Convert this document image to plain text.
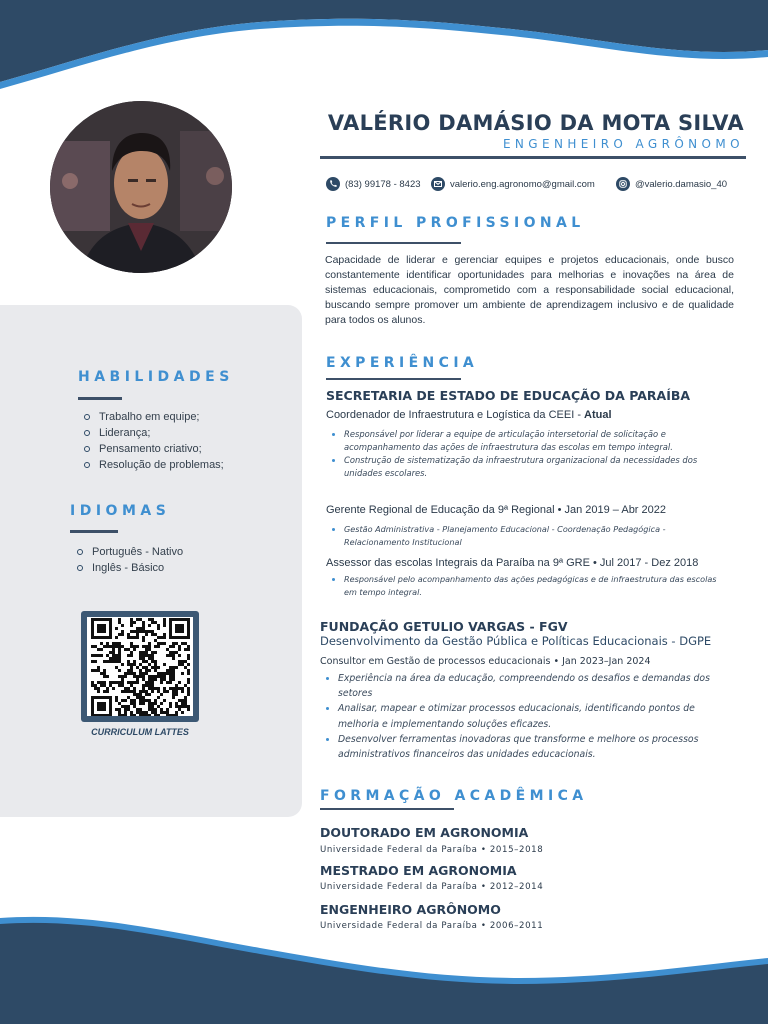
HABILIDADES
Trabalho em equipe;
Liderança;
Pensamento criativo;
Resolução de problemas;
IDIOMAS
Português - Nativo
Inglês - Básico
CURRICULUM LATTES
VALÉRIO DAMÁSIO DA MOTA SILVA
ENGENHEIRO AGRÔNOMO
(83) 99178 - 8423	valerio.eng.agronomo@gmail.com	@valerio.damasio_40
PERFIL PROFISSIONAL

Capacidade de liderar e gerenciar equipes e projetos educacionais, onde busco constantemente identificar oportunidades para melhorias e inovações na área de sistemas educacionais, comprometido com a responsabilidade social educacional, buscando sempre promover um ambiente de aprendizagem inclusivo e de qualidade para todos os alunos.

EXPERIÊNCIA
SECRETARIA DE ESTADO DE EDUCAÇÃO DA PARAÍBA
Coordenador de Infraestrutura e Logística da CEEI - Atual
Responsável por liderar a equipe de articulação intersetorial de solicitação e acompanhamento das ações de infraestrutura das escolas em tempo integral.
Construção de sistematização da infraestrutura organizacional da necessidades dos unidades escolares.
Gerente Regional de Educação da 9ª Regional • Jan 2019 – Abr 2022
Gestão Administrativa - Planejamento Educacional - Coordenação Pedagógica - Relacionamento Institucional
Assessor das escolas Integrais da Paraíba na 9ª GRE • Jul 2017 - Dez 2018
Responsável pelo acompanhamento das ações pedagógicas e de infraestrutura das escolas em tempo integral.
FUNDAÇÃO GETULIO VARGAS - FGV
Desenvolvimento da Gestão Pública e Políticas Educacionais - DGPE
Consultor em Gestão de processos educacionais • Jan 2023–Jan 2024
Experiência na área da educação, compreendendo os desafios e demandas dos setores
Analisar, mapear e otimizar processos educacionais, identificando pontos de melhoria e implementando soluções eficazes.
Desenvolver ferramentas inovadoras que transforme e melhore os processos administrativos financeiros das unidades educacionais.
FORMAÇÃO ACADÊMICA
DOUTORADO EM AGRONOMIA
Universidade Federal da Paraíba • 2015–2018
MESTRADO EM AGRONOMIA
Universidade Federal da Paraíba • 2012–2014
ENGENHEIRO AGRÔNOMO
Universidade Federal da Paraíba • 2006–2011
